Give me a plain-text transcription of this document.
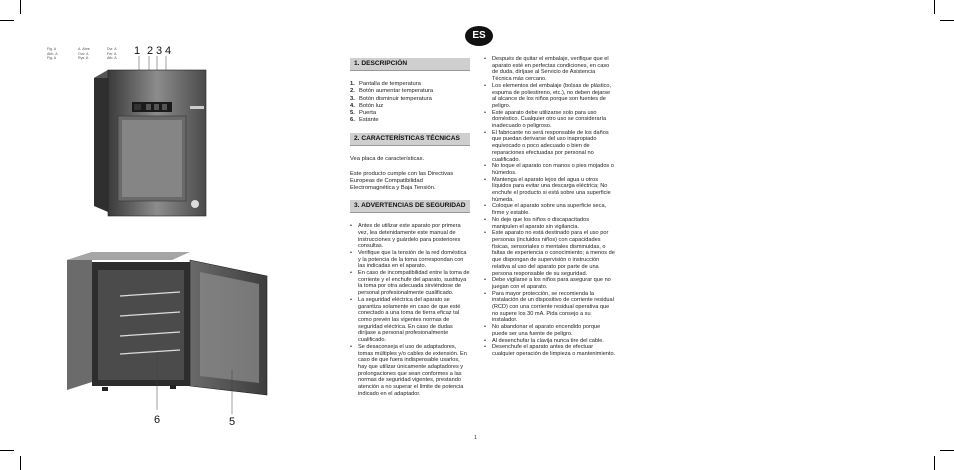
Fig. A
Abb. A
Fig. A
A. Abre
Ouv. A
Rys. A
Dvr. A
Fer. A
Afb. A
1 2 3 4
6	5
ES
1. DESCRIPCIÓN
1. Pantalla de temperatura
2. Botón aumentar temperatura
3. Botón disminuir temperatura
4. Botón luz
5. Puerta
6. Estante
2. CARACTERÍSTICAS TÉCNICAS

Vea placa de características.

Este producto cumple con las Directivas Europeas de Compatibilidad Electromagnética y Baja Tensión.

3. ADVERTENCIAS DE SEGURIDAD
• Antes de utilizar este aparato por primera vez, lea detenidamente este manual de instrucciones y guárdelo para posteriores consultas.
• Verifique que la tensión de la red doméstica y la potencia de la toma correspondan con las indicadas en el aparato.
• En caso de incompatibilidad entre la toma de corriente y el enchufe del aparato, sustituya la toma por otra adecuada sirviéndose de personal profesionalmente cualificado.
• La seguridad eléctrica del aparato se garantiza solamente en caso de que esté conectado a una toma de tierra eficaz tal como prevén las vigentes normas de seguridad eléctrica. En caso de dudas diríjase a personal profesionalmente cualificado.
• Se desaconseja el uso de adaptadores, tomas múltiples y/o cables de extensión. En caso de que fuera indispensable usarlos, hay que utilizar únicamente adaptadores y prolongaciones que sean conformes a las normas de seguridad vigentes, prestando atención a no superar el límite de potencia indicado en el adaptador.
• Después de quitar el embalaje, verifique que el aparato esté en perfectas condiciones, en caso de duda, diríjase al Servicio de Asistencia Técnica más cercano.
• Los elementos del embalaje (bolsas de plástico, espuma de poliestireno, etc.), no deben dejarse al alcance de los niños porque son fuentes de peligro.
• Este aparato debe utilizarse solo para uso doméstico. Cualquier otro uso se consideraría inadecuado o peligroso.
• El fabricante no será responsable de los daños que puedan derivarse del uso inapropiado equivocado o poco adecuado o bien de reparaciones efectuadas por personal no cualificado.
• No toque el aparato con manos o pies mojados o húmedos.
• Mantenga el aparato lejos del agua u otros líquidos para evitar una descarga eléctrica; No enchufe el producto si está sobre una superficie húmeda.
• Coloque el aparato sobre una superficie seca, firme y estable.
• No deje que los niños o discapacitados manipulen el aparato sin vigilancia.
• Este aparato no está destinado para el uso por personas (incluidos niños) con capacidades físicas, sensoriales o mentales disminuidas, o faltas de experiencia o conocimiento; a menos de que dispongan de supervisión o instrucción relativa al uso del aparato por parte de una persona responsable de su seguridad.
• Debe vigilarse a los niños para asegurar que no juegan con el aparato.
• Para mayor protección, se recomienda la instalación de un dispositivo de corriente residual (RCD) con una corriente residual operativa que no supere los 30 mA. Pida consejo a su instalador.
• No abandonar el aparato encendido porque puede ser una fuente de peligro.
• Al desenchufar la clavija nunca tire del cable.
• Desenchufe el aparato antes de efectuar cualquier operación de limpieza o mantenimiento.
1
